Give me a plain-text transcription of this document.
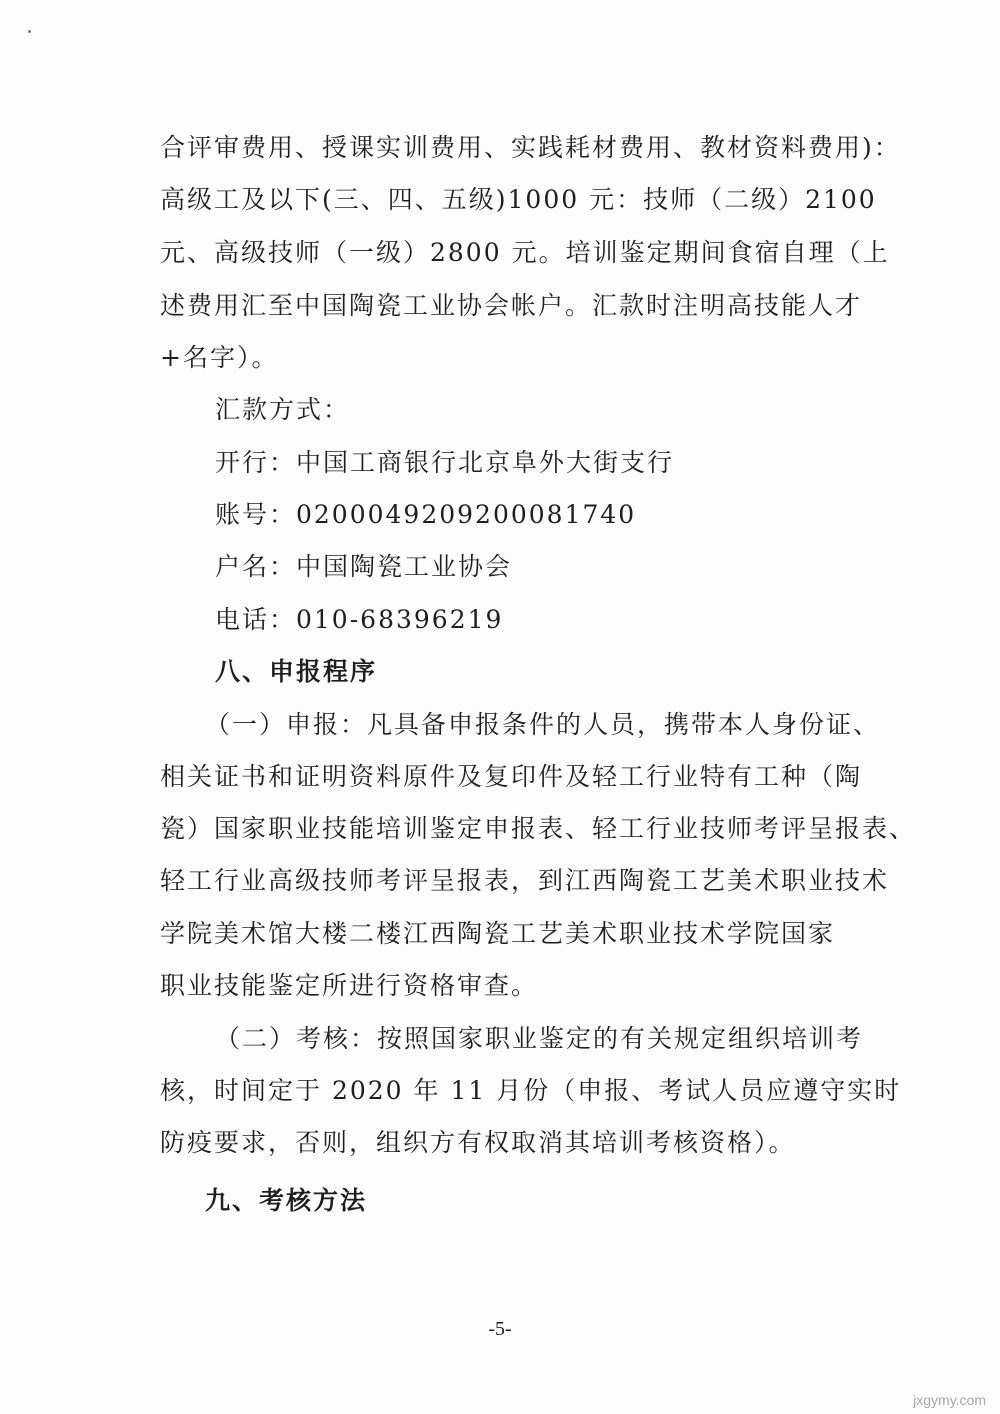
合评审费用、授课实训费用、实践耗材费用、教材资料费用)：
高级工及以下(三、四、五级)1000 元：技师（二级）2100
元、高级技师（一级）2800 元。培训鉴定期间食宿自理（上
述费用汇至中国陶瓷工业协会帐户。汇款时注明高技能人才
+名字）。
汇款方式：
开行：中国工商银行北京阜外大街支行
账号：0200049209200081740
户名：中国陶瓷工业协会
电话：010-68396219
八、申报程序
（一）申报：凡具备申报条件的人员，携带本人身份证、
相关证书和证明资料原件及复印件及轻工行业特有工种（陶
瓷）国家职业技能培训鉴定申报表、轻工行业技师考评呈报表、
轻工行业高级技师考评呈报表，到江西陶瓷工艺美术职业技术
学院美术馆大楼二楼江西陶瓷工艺美术职业技术学院国家
职业技能鉴定所进行资格审查。
（二）考核：按照国家职业鉴定的有关规定组织培训考
核，时间定于 2020 年 11 月份（申报、考试人员应遵守实时
防疫要求，否则，组织方有权取消其培训考核资格）。
九、考核方法
-5-
jxgymy.com
